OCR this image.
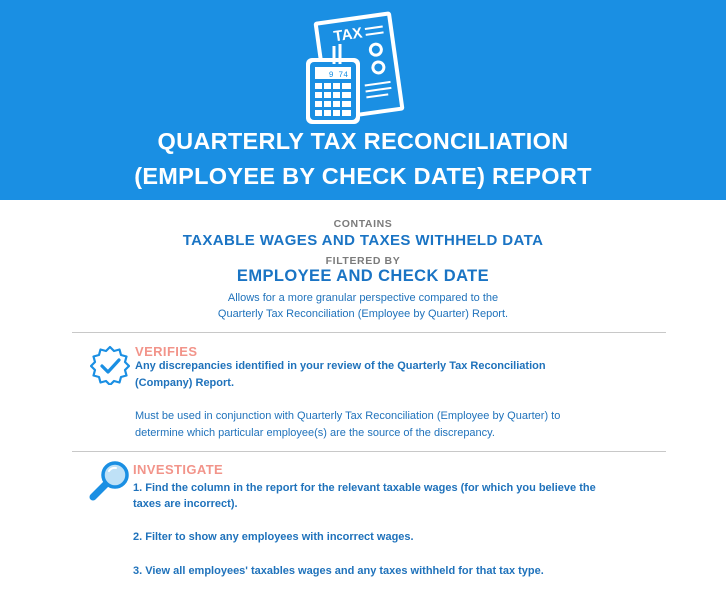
TAX
9 74
QUARTERLY TAX RECONCILIATION
(EMPLOYEE BY CHECK DATE) REPORT
CONTAINS
TAXABLE WAGES AND TAXES WITHHELD DATA
FILTERED BY
EMPLOYEE AND CHECK DATE
Allows for a more granular perspective compared to the
Quarterly Tax Reconciliation (Employee by Quarter) Report.
VERIFIES
Any discrepancies identified in your review of the Quarterly Tax Reconciliation
(Company) Report.
Must be used in conjunction with Quarterly Tax Reconciliation (Employee by Quarter) to
determine which particular employee(s) are the source of the discrepancy.
INVESTIGATE
1. Find the column in the report for the relevant taxable wages (for which you believe the
taxes are incorrect).
2. Filter to show any employees with incorrect wages.
3. View all employees' taxables wages and any taxes withheld for that tax type.
